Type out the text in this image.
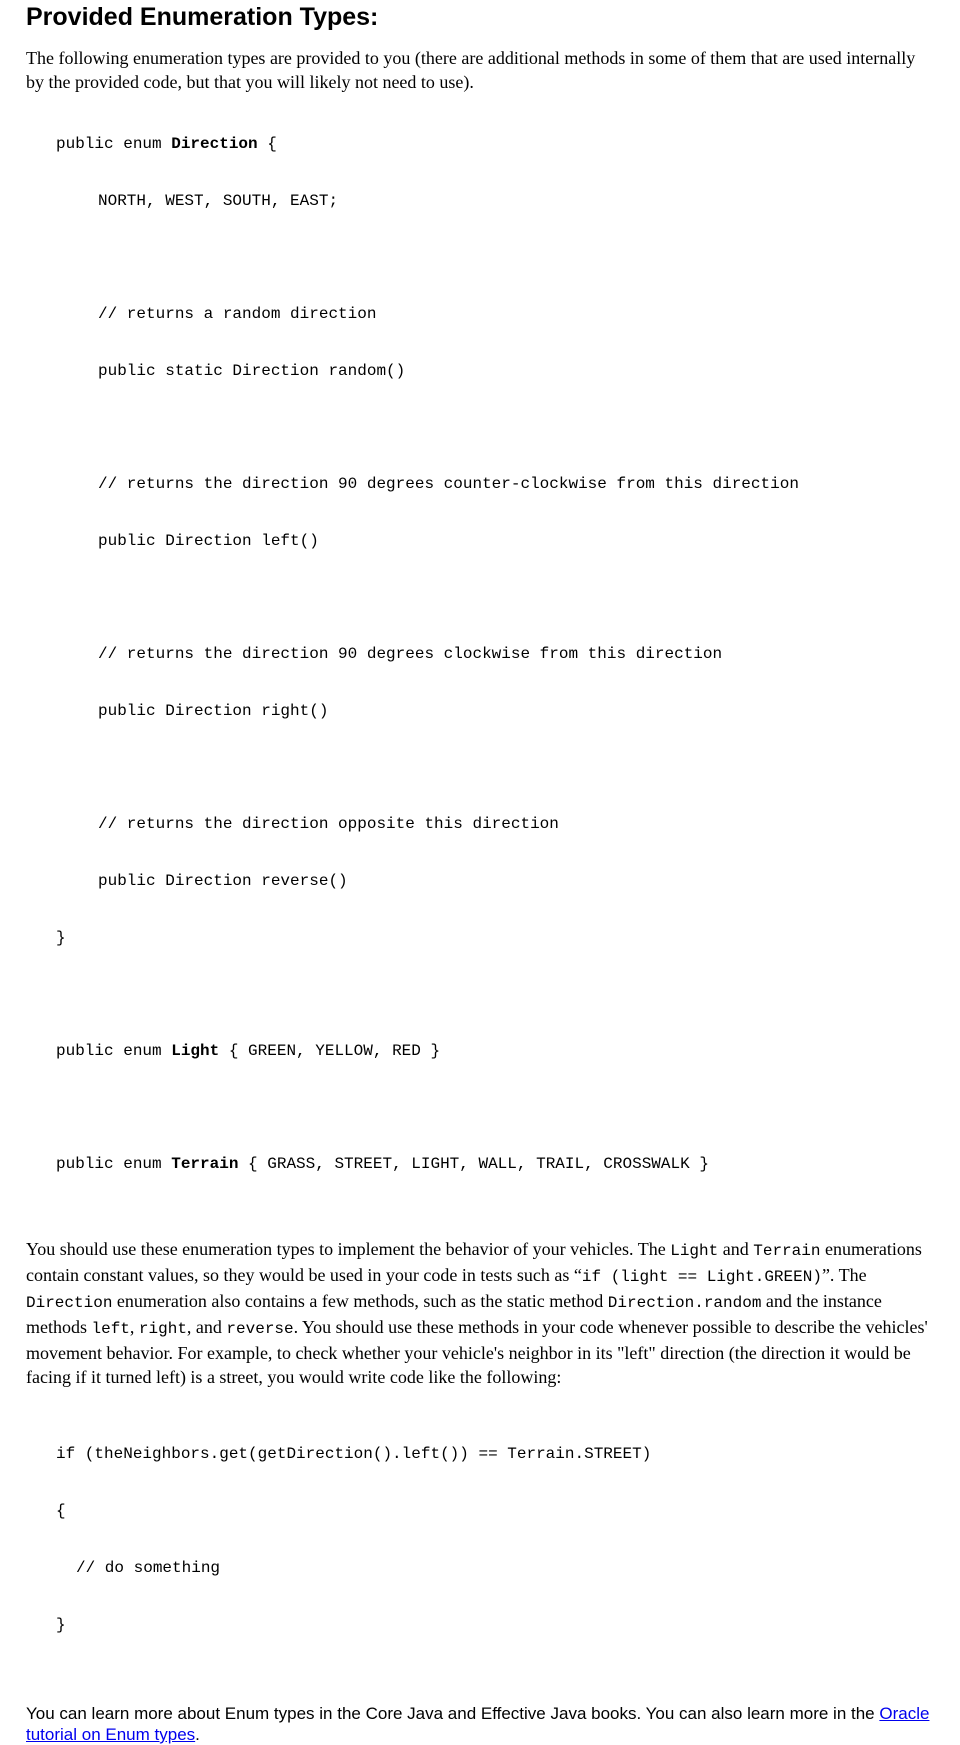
Provided Enumeration Types:

The following enumeration types are provided to you (there are additional methods in some of them that are used internally by the provided code, but that you will likely not need to use).

public enum Direction {

NORTH, WEST, SOUTH, EAST;

// returns a random direction

public static Direction random()

// returns the direction 90 degrees counter-clockwise from this direction

public Direction left()

// returns the direction 90 degrees clockwise from this direction

public Direction right()

// returns the direction opposite this direction

public Direction reverse()

}

public enum Light { GREEN, YELLOW, RED }

public enum Terrain { GRASS, STREET, LIGHT, WALL, TRAIL, CROSSWALK }

You should use these enumeration types to implement the behavior of your vehicles. The Light and Terrain enumerations contain constant values, so they would be used in your code in tests such as “if (light == Light.GREEN)”. The Direction enumeration also contains a few methods, such as the static method Direction.random and the instance methods left, right, and reverse. You should use these methods in your code whenever possible to describe the vehicles' movement behavior. For example, to check whether your vehicle's neighbor in its "left" direction (the direction it would be facing if it turned left) is a street, you would write code like the following:

if (theNeighbors.get(getDirection().left()) == Terrain.STREET)

{

// do something

}

You can learn more about Enum types in the Core Java and Effective Java books. You can also learn more in the Oracle tutorial on Enum types.
